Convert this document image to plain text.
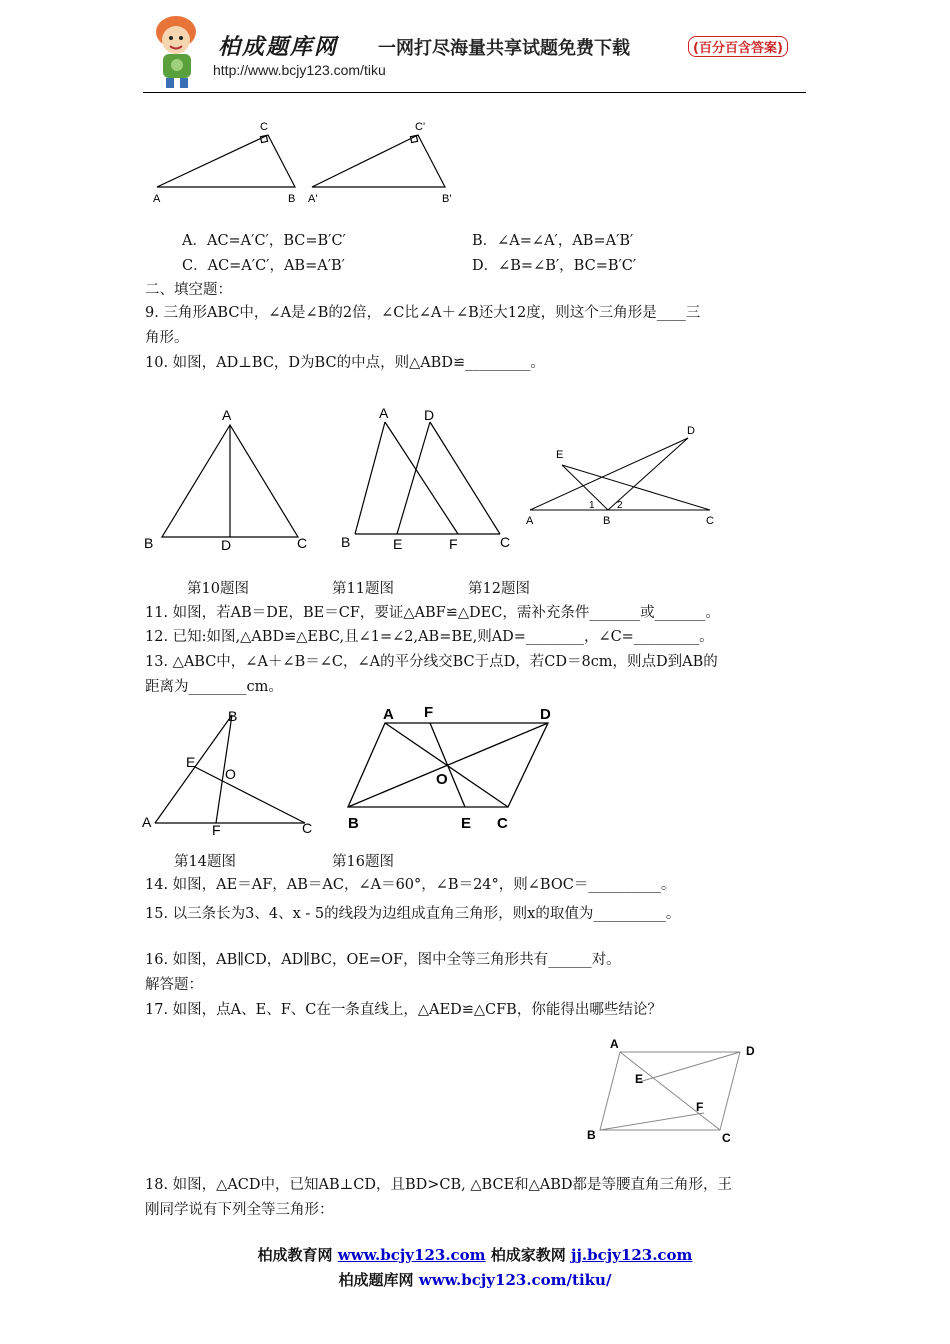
柏成题库网 一网打尽海量共享试题免费下载	(百分百含答案)
http://www.bcjy123.com/tiku
A	B
C
A'	B'
C'
A．AC=A′C′，BC=B′C′	B．∠A=∠A′，AB=A′B′
C．AC=A′C′，AB=A′B′	D．∠B=∠B′，BC=B′C′
二、填空题：
9. 三角形ABC中，∠A是∠B的2倍，∠C比∠A＋∠B还大12度，则这个三角形是____三
角形。
10. 如图，AD⊥BC，D为BC的中点，则△ABD≌_________。
A
B	C
D
A
B	C
D
E	F
A	B	C
D
E
1 2
第10题图	第11题图	第12题图
11. 如图，若AB＝DE，BE＝CF，要证△ABF≌△DEC，需补充条件_______或_______。
12. 已知:如图,△ABD≌△EBC,且∠1=∠2,AB=BE,则AD=________，∠C=_________。
13. △ABC中，∠A＋∠B＝∠C，∠A的平分线交BC于点D，若CD＝8cm，则点D到AB的
距离为________cm。
A
B
C
E
F
O
A F	D
O
B	E C
第14题图	第16题图
14. 如图，AE＝AF，AB＝AC，∠A＝60°，∠B＝24°，则∠BOC＝__________。
15. 以三条长为3、4、x - 5的线段为边组成直角三角形，则x的取值为__________。
16. 如图，AB∥CD，AD∥BC，OE=OF，图中全等三角形共有______对。
解答题：
17. 如图，点A、E、F、C在一条直线上，△AED≌△CFB，你能得出哪些结论？
A	D
E
F
B	C
18. 如图，△ACD中，已知AB⊥CD，且BD>CB, △BCE和△ABD都是等腰直角三角形，王
刚同学说有下列全等三角形：
柏成教育网 www.bcjy123.com 柏成家教网 jj.bcjy123.com
柏成题库网 www.bcjy123.com/tiku/
